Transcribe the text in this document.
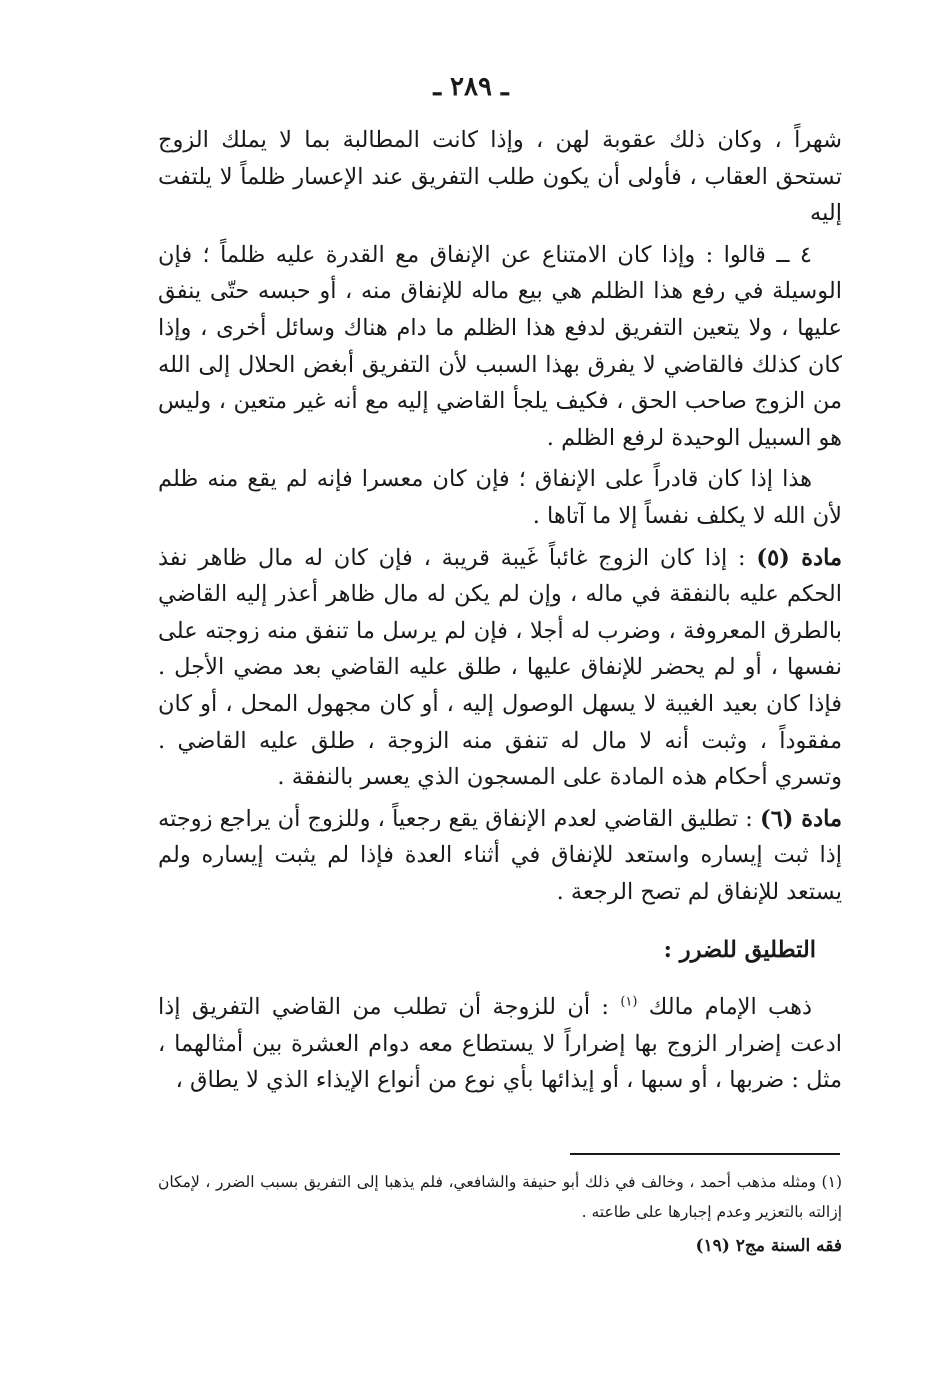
ـ ٢٨٩ ـ

شهراً ، وكان ذلك عقوبة لهن ، وإذا كانت المطالبة بما لا يملك الزوج تستحق العقاب ، فأولى أن يكون طلب التفريق عند الإعسار ظلماً لا يلتفت إليه

٤ ــ قالوا : وإذا كان الامتناع عن الإنفاق مع القدرة عليه ظلماً ؛ فإن الوسيلة في رفع هذا الظلم هي بيع ماله للإنفاق منه ، أو حبسه حتّى ينفق عليها ، ولا يتعين التفريق لدفع هذا الظلم ما دام هناك وسائل أخرى ، وإذا كان كذلك فالقاضي لا يفرق بهذا السبب لأن التفريق أبغض الحلال إلى الله من الزوج صاحب الحق ، فكيف يلجأ القاضي إليه مع أنه غير متعين ، وليس هو السبيل الوحيدة لرفع الظلم .

هذا إذا كان قادراً على الإنفاق ؛ فإن كان معسرا فإنه لم يقع منه ظلم لأن الله لا يكلف نفساً إلا ما آتاها .

مادة (٥) : إذا كان الزوج غائباً غَيبة قريبة ، فإن كان له مال ظاهر نفذ الحكم عليه بالنفقة في ماله ، وإن لم يكن له مال ظاهر أعذر إليه القاضي بالطرق المعروفة ، وضرب له أجلا ، فإن لم يرسل ما تنفق منه زوجته على نفسها ، أو لم يحضر للإنفاق عليها ، طلق عليه القاضي بعد مضي الأجل . فإذا كان بعيد الغيبة لا يسهل الوصول إليه ، أو كان مجهول المحل ، أو كان مفقوداً ، وثبت أنه لا مال له تنفق منه الزوجة ، طلق عليه القاضي . وتسري أحكام هذه المادة على المسجون الذي يعسر بالنفقة .

مادة (٦) : تطليق القاضي لعدم الإنفاق يقع رجعياً ، وللزوج أن يراجع زوجته إذا ثبت إيساره واستعد للإنفاق في أثناء العدة فإذا لم يثبت إيساره ولم يستعد للإنفاق لم تصح الرجعة .

التطليق للضرر :

ذهب الإمام مالك $^{(١)}$ : أن للزوجة أن تطلب من القاضي التفريق إذا ادعت إضرار الزوج بها إضراراً لا يستطاع معه دوام العشرة بين أمثالهما ، مثل : ضربها ، أو سبها ، أو إيذائها بأي نوع من أنواع الإيذاء الذي لا يطاق ،

(١) ومثله مذهب أحمد ، وخالف في ذلك أبو حنيفة والشافعي، فلم يذهبا إلى التفريق بسبب الضرر ، لإمكان إزالته بالتعزير وعدم إجبارها على طاعته .

فقه السنة مج٢ (١٩)
